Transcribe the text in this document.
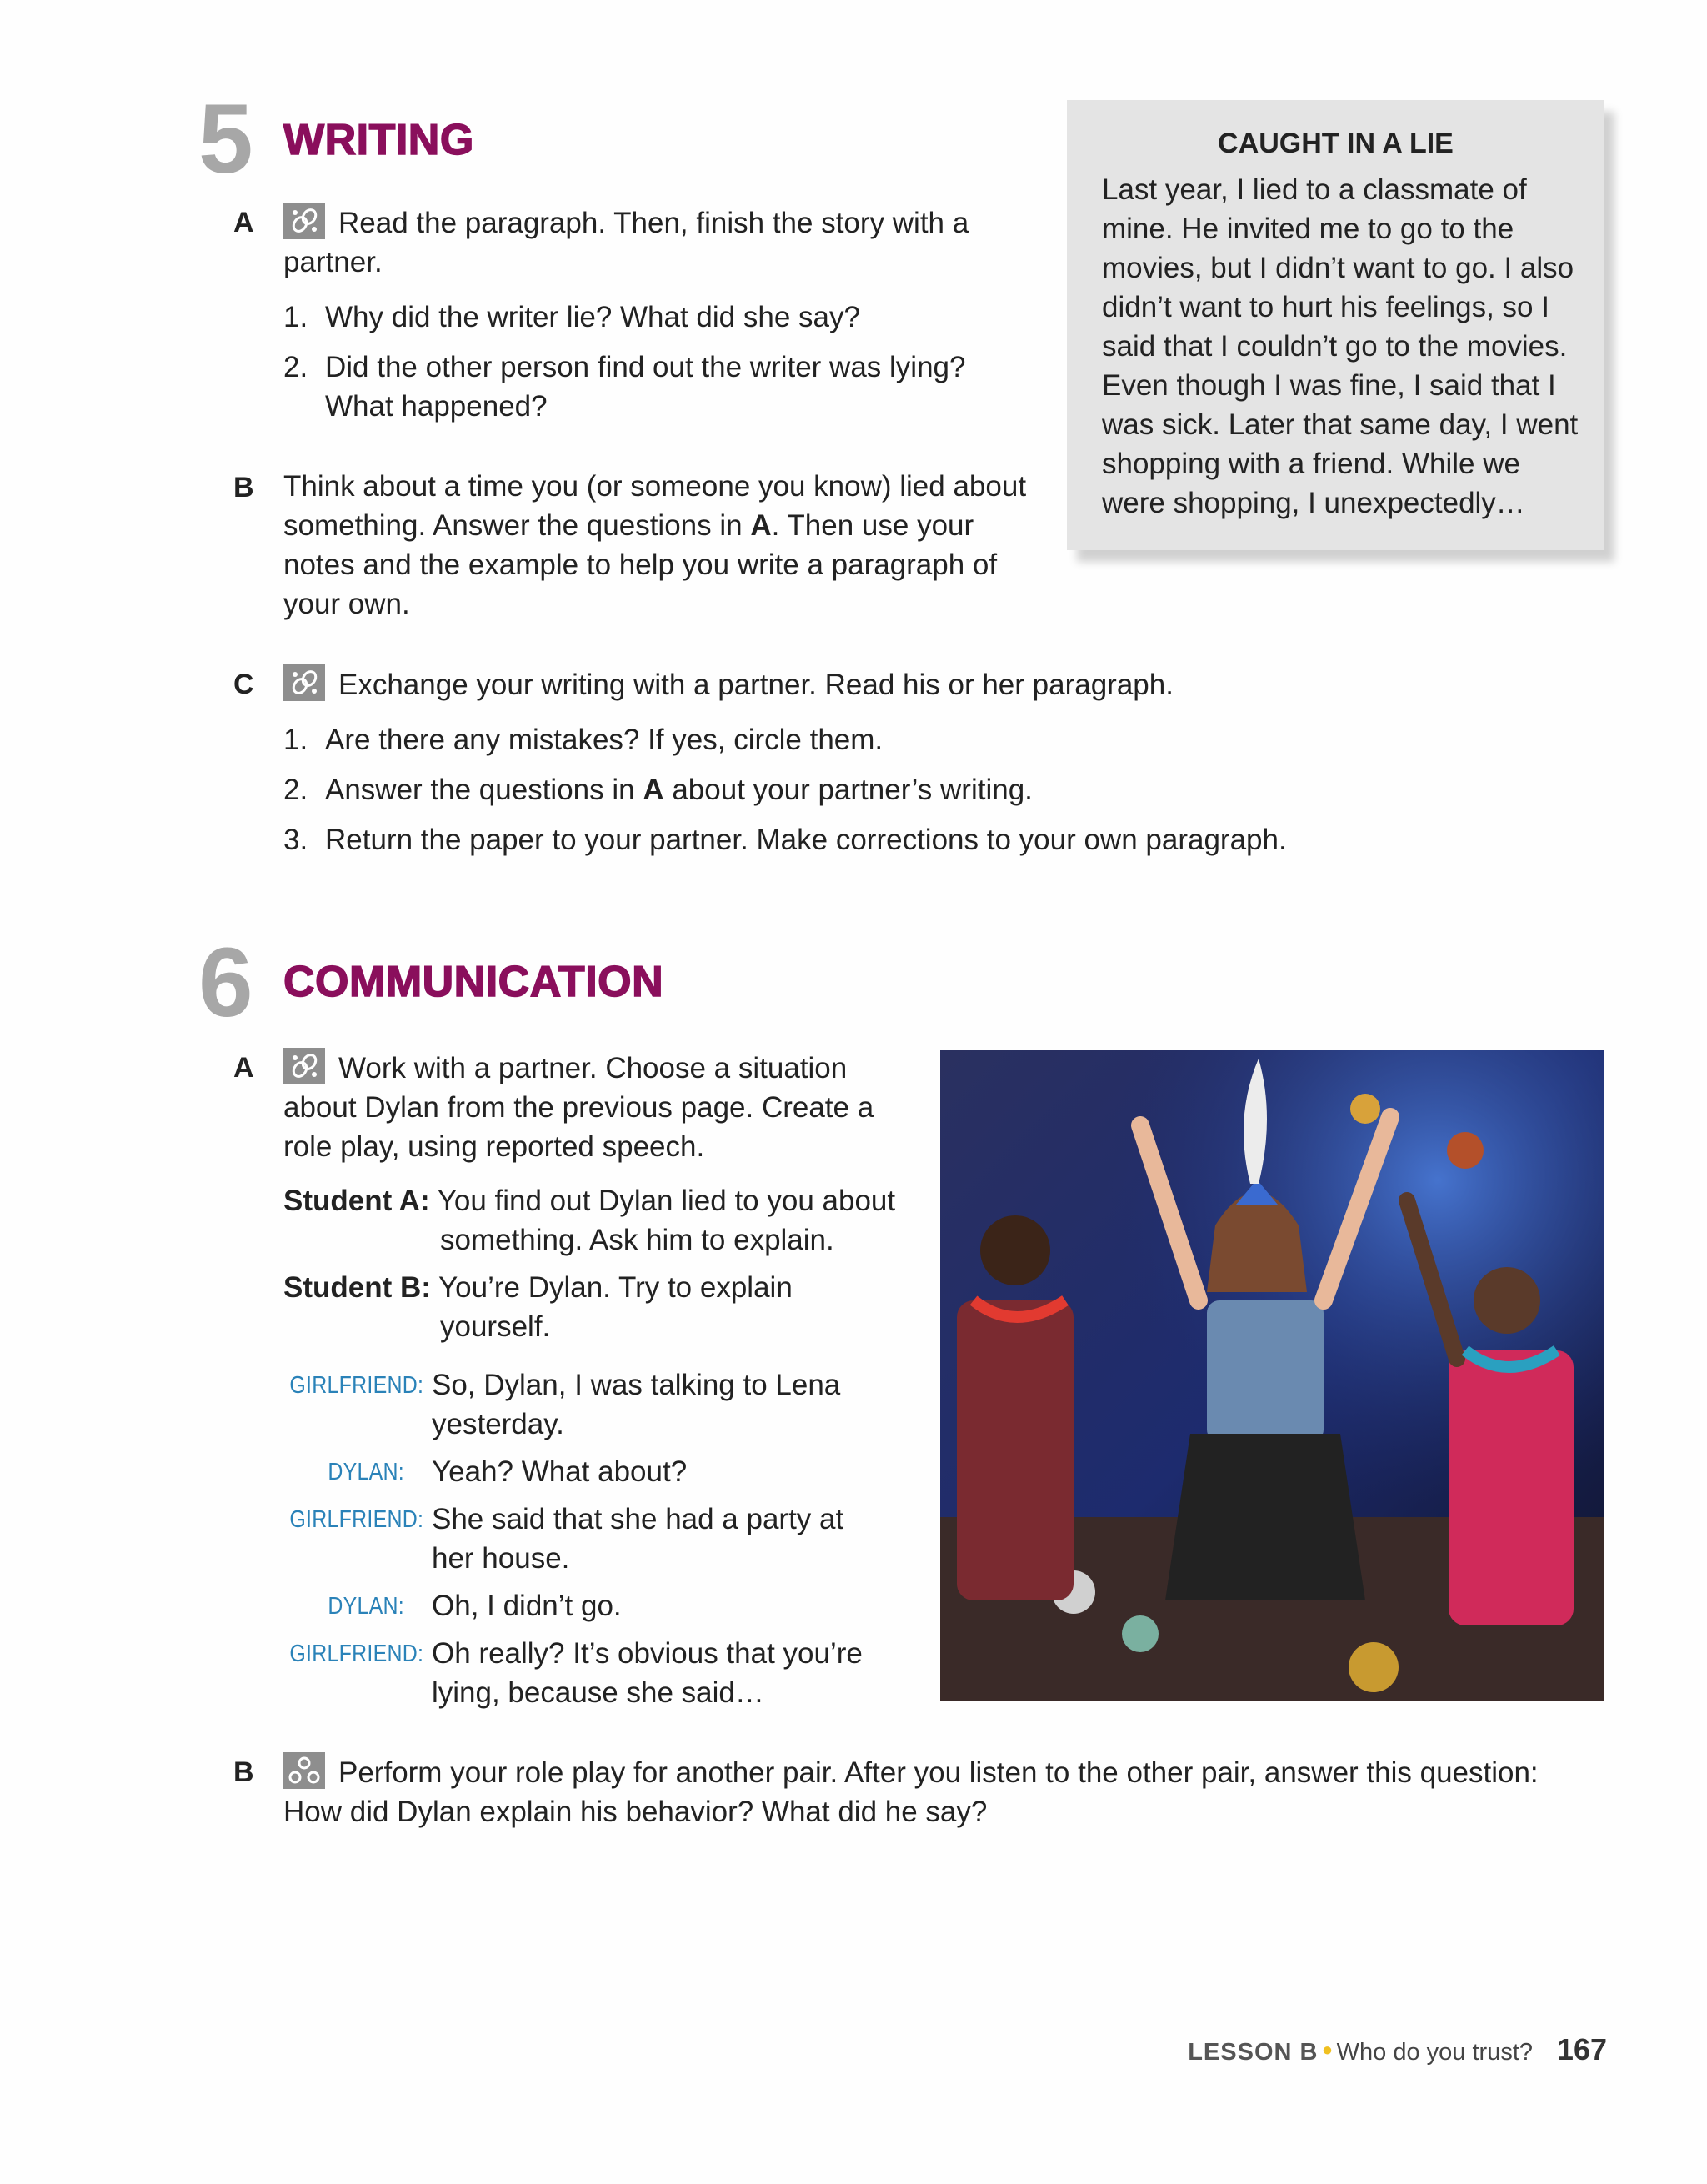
5 WRITING
A	Read the paragraph. Then, finish the story with a
partner.
1. Why did the writer lie? What did she say?
2. Did the other person find out the writer was lying?
What happened?
B Think about a time you (or someone you know) lied about
something. Answer the questions in A. Then use your
notes and the example to help you write a paragraph of
your own.
CAUGHT IN A LIE
Last year, I lied to a classmate of
mine. He invited me to go to the
movies, but I didn’t want to go. I also
didn’t want to hurt his feelings, so I
said that I couldn’t go to the movies.
Even though I was fine, I said that I
was sick. Later that same day, I went
shopping with a friend. While we
were shopping, I unexpectedly…
C	Exchange your writing with a partner. Read his or her paragraph.
1. Are there any mistakes? If yes, circle them.
2. Answer the questions in A about your partner’s writing.
3. Return the paper to your partner. Make corrections to your own paragraph.
6 COMMUNICATION
A	Work with a partner. Choose a situation
about Dylan from the previous page. Create a
role play, using reported speech.
Student A: You find out Dylan lied to you about
something. Ask him to explain.
Student B: You’re Dylan. Try to explain
yourself.
GIRLFRIEND: So, Dylan, I was talking to Lena
yesterday.
DYLAN: Yeah? What about?
GIRLFRIEND: She said that she had a party at
her house.
DYLAN: Oh, I didn’t go.
GIRLFRIEND: Oh really? It’s obvious that you’re
lying, because she said…
B	Perform your role play for another pair. After you listen to the other pair, answer this question:
How did Dylan explain his behavior? What did he say?
LESSON B ● Who do you trust? 167
